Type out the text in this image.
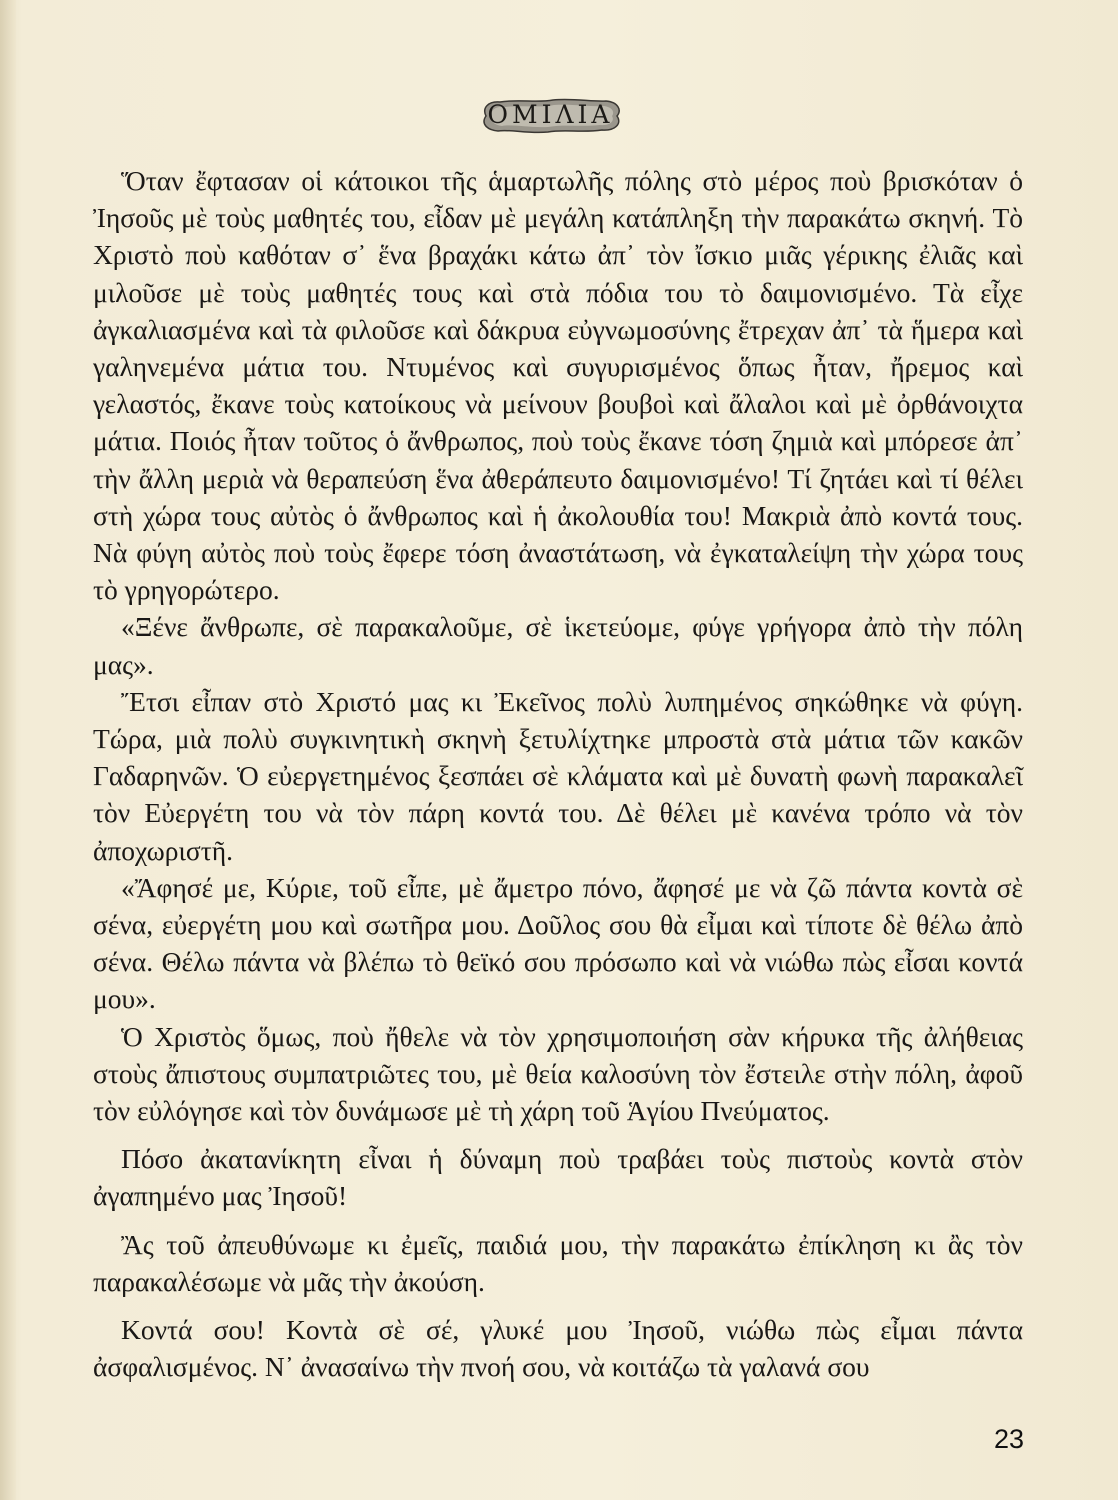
ΟΜΙΛΙΑ

Ὅταν ἔφτασαν οἱ κάτοικοι τῆς ἁμαρτωλῆς πόλης στὸ μέρος ποὺ βρισκόταν ὁ Ἰησοῦς μὲ τοὺς μαθητές του, εἶδαν μὲ μεγάλη κατάπληξη τὴν παρακάτω σκηνή. Τὸ Χριστὸ ποὺ καθόταν σ᾽ ἕνα βραχάκι κάτω ἀπ᾽ τὸν ἴσκιο μιᾶς γέρικης ἐλιᾶς καὶ μιλοῦσε μὲ τοὺς μαθητές τους καὶ στὰ πόδια του τὸ δαιμονισμένο. Τὰ εἶχε ἀγκαλιασμένα καὶ τὰ φιλοῦσε καὶ δάκρυα εὐγνωμοσύνης ἔτρεχαν ἀπ᾽ τὰ ἥμερα καὶ γαληνεμένα μάτια του. Ντυμένος καὶ συγυρισμένος ὅπως ἦταν, ἤρεμος καὶ γελαστός, ἔκανε τοὺς κατοίκους νὰ μείνουν βουβοὶ καὶ ἄλαλοι καὶ μὲ ὀρθάνοιχτα μάτια. Ποιός ἦταν τοῦτος ὁ ἄνθρωπος, ποὺ τοὺς ἔκανε τόση ζημιὰ καὶ μπόρεσε ἀπ᾽ τὴν ἄλλη μεριὰ νὰ θεραπεύση ἕνα ἀθεράπευτο δαιμονισμένο! Τί ζητάει καὶ τί θέλει στὴ χώρα τους αὐτὸς ὁ ἄνθρωπος καὶ ἡ ἀκολουθία του! Μακριὰ ἀπὸ κοντά τους. Νὰ φύγη αὐτὸς ποὺ τοὺς ἔφερε τόση ἀναστάτωση, νὰ ἐγκαταλείψη τὴν χώρα τους τὸ γρηγορώτερο.

«Ξένε ἄνθρωπε, σὲ παρακαλοῦμε, σὲ ἱκετεύομε, φύγε γρήγορα ἀπὸ τὴν πόλη μας».

Ἔτσι εἶπαν στὸ Χριστό μας κι Ἐκεῖνος πολὺ λυπημένος σηκώθηκε νὰ φύγη. Τώρα, μιὰ πολὺ συγκινητικὴ σκηνὴ ξετυλίχτηκε μπροστὰ στὰ μάτια τῶν κακῶν Γαδαρηνῶν. Ὁ εὐεργετημένος ξεσπάει σὲ κλάματα καὶ μὲ δυνατὴ φωνὴ παρακαλεῖ τὸν Εὐεργέτη του νὰ τὸν πάρη κοντά του. Δὲ θέλει μὲ κανένα τρόπο νὰ τὸν ἀποχωριστῆ.

«Ἄφησέ με, Κύριε, τοῦ εἶπε, μὲ ἄμετρο πόνο, ἄφησέ με νὰ ζῶ πάντα κοντὰ σὲ σένα, εὐεργέτη μου καὶ σωτῆρα μου. Δοῦλος σου θὰ εἶμαι καὶ τίποτε δὲ θέλω ἀπὸ σένα. Θέλω πάντα νὰ βλέπω τὸ θεϊκό σου πρόσωπο καὶ νὰ νιώθω πὼς εἶσαι κοντά μου».

Ὁ Χριστὸς ὅμως, ποὺ ἤθελε νὰ τὸν χρησιμοποιήση σὰν κήρυκα τῆς ἀλήθειας στοὺς ἄπιστους συμπατριῶτες του, μὲ θεία καλοσύνη τὸν ἔστειλε στὴν πόλη, ἀφοῦ τὸν εὐλόγησε καὶ τὸν δυνάμωσε μὲ τὴ χάρη τοῦ Ἁγίου Πνεύματος.

Πόσο ἀκατανίκητη εἶναι ἡ δύναμη ποὺ τραβάει τοὺς πιστοὺς κοντὰ στὸν ἀγαπημένο μας Ἰησοῦ!

Ἂς τοῦ ἀπευθύνωμε κι ἐμεῖς, παιδιά μου, τὴν παρακάτω ἐπίκληση κι ἂς τὸν παρακαλέσωμε νὰ μᾶς τὴν ἀκούση.

Κοντά σου! Κοντὰ σὲ σέ, γλυκέ μου Ἰησοῦ, νιώθω πὼς εἶμαι πάντα ἀσφαλισμένος. Ν᾽ ἀνασαίνω τὴν πνοή σου, νὰ κοιτάζω τὰ γαλανά σου

23
